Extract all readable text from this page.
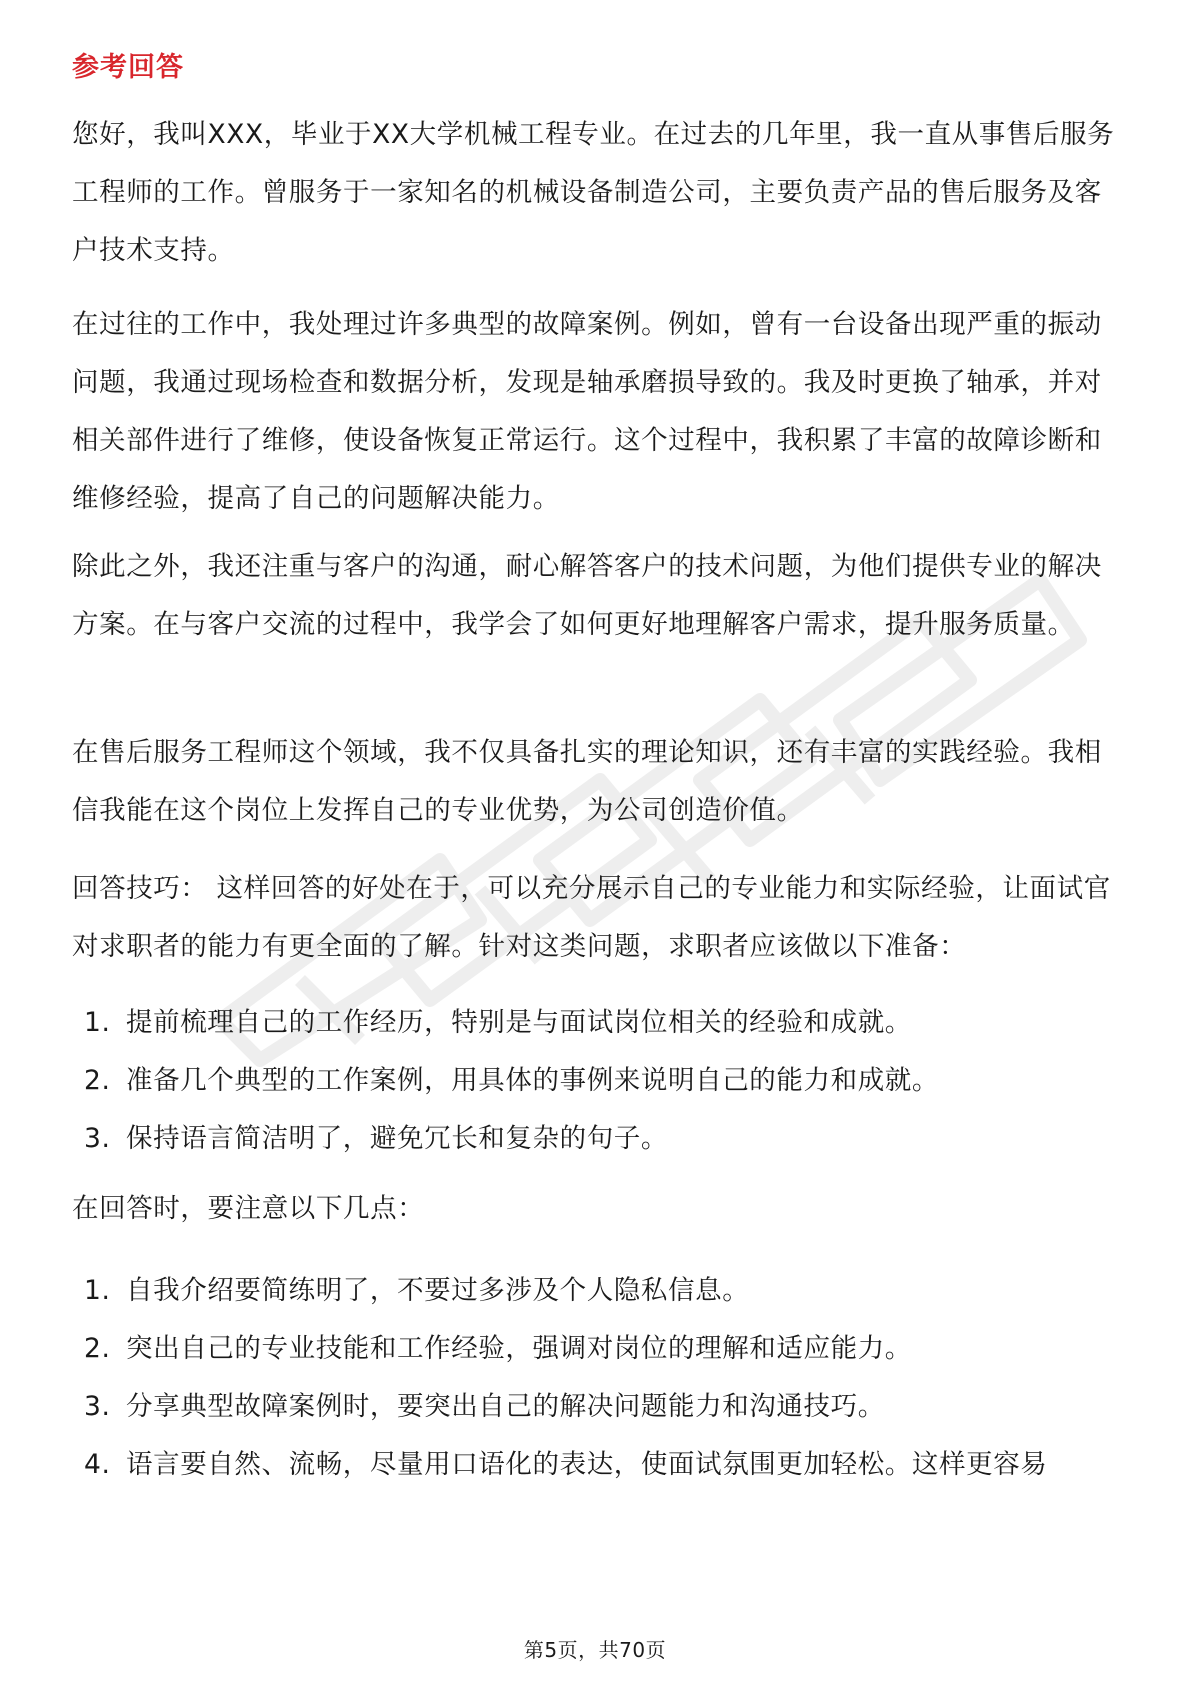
参考回答

您好，我叫XXX，毕业于XX大学机械工程专业。在过去的几年里，我一直从事售后服务工程师的工作。曾服务于一家知名的机械设备制造公司，主要负责产品的售后服务及客户技术支持。

在过往的工作中，我处理过许多典型的故障案例。例如，曾有一台设备出现严重的振动问题，我通过现场检查和数据分析，发现是轴承磨损导致的。我及时更换了轴承，并对相关部件进行了维修，使设备恢复正常运行。这个过程中，我积累了丰富的故障诊断和维修经验，提高了自己的问题解决能力。

除此之外，我还注重与客户的沟通，耐心解答客户的技术问题，为他们提供专业的解决方案。在与客户交流的过程中，我学会了如何更好地理解客户需求，提升服务质量。

在售后服务工程师这个领域，我不仅具备扎实的理论知识，还有丰富的实践经验。我相信我能在这个岗位上发挥自己的专业优势，为公司创造价值。

回答技巧： 这样回答的好处在于，可以充分展示自己的专业能力和实际经验，让面试官对求职者的能力有更全面的了解。针对这类问题，求职者应该做以下准备：

1. 提前梳理自己的工作经历，特别是与面试岗位相关的经验和成就。
2. 准备几个典型的工作案例，用具体的事例来说明自己的能力和成就。
3. 保持语言简洁明了，避免冗长和复杂的句子。

在回答时，要注意以下几点：

1. 自我介绍要简练明了，不要过多涉及个人隐私信息。
2. 突出自己的专业技能和工作经验，强调对岗位的理解和适应能力。
3. 分享典型故障案例时，要突出自己的解决问题能力和沟通技巧。
4. 语言要自然、流畅，尽量用口语化的表达，使面试氛围更加轻松。这样更容易
第5页，共70页
